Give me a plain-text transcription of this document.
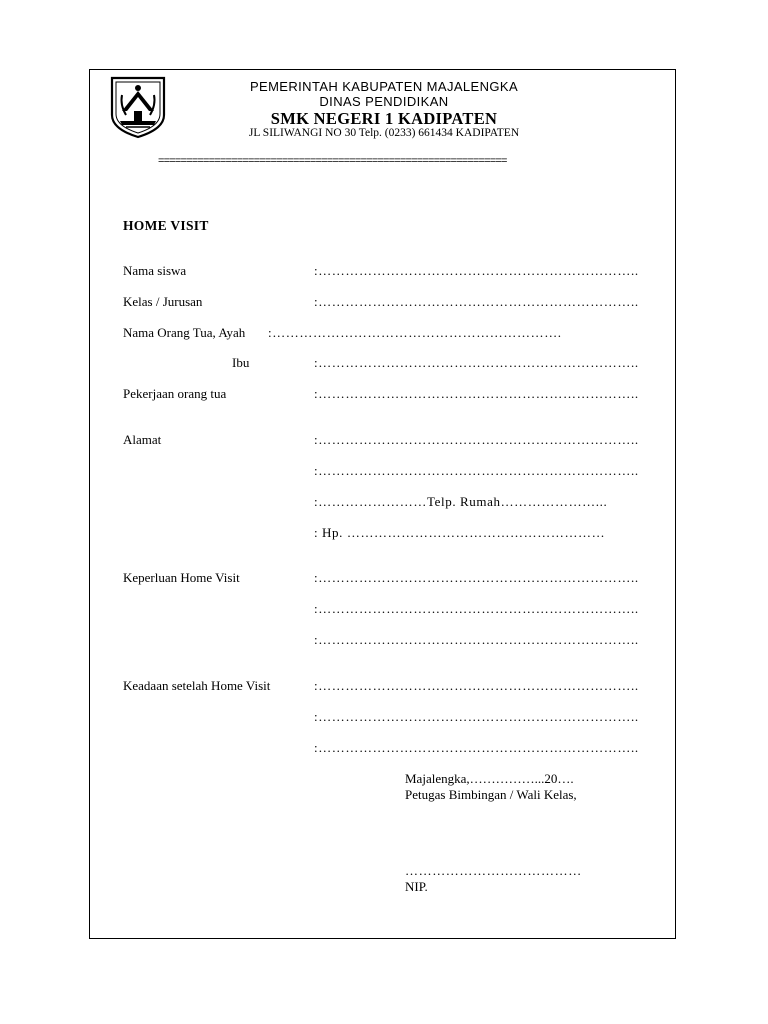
PEMERINTAH KABUPATEN MAJALENGKA
DINAS PENDIDIKAN
SMK NEGERI 1 KADIPATEN
JL SILIWANGI NO 30 Telp. (0233) 661434 KADIPATEN
==============================================================
HOME VISIT
Nama siswa	:……………………………………………………………..
Kelas / Jurusan	:……………………………………………………………..
Nama Orang Tua, Ayah :……………………………………………………….
Ibu	:……………………………………………………………..
Pekerjaan orang tua	:……………………………………………………………..
Alamat	:……………………………………………………………..
:……………………………………………………………..
:……………………Telp. Rumah…………………...
: Hp. …………………………………………………
Keperluan Home Visit	:……………………………………………………………..
:……………………………………………………………..
:……………………………………………………………..
Keadaan setelah Home Visit	:……………………………………………………………..
:……………………………………………………………..
:……………………………………………………………..
Majalengka,……………...20….
Petugas Bimbingan / Wali Kelas,
…………………………………
NIP.
